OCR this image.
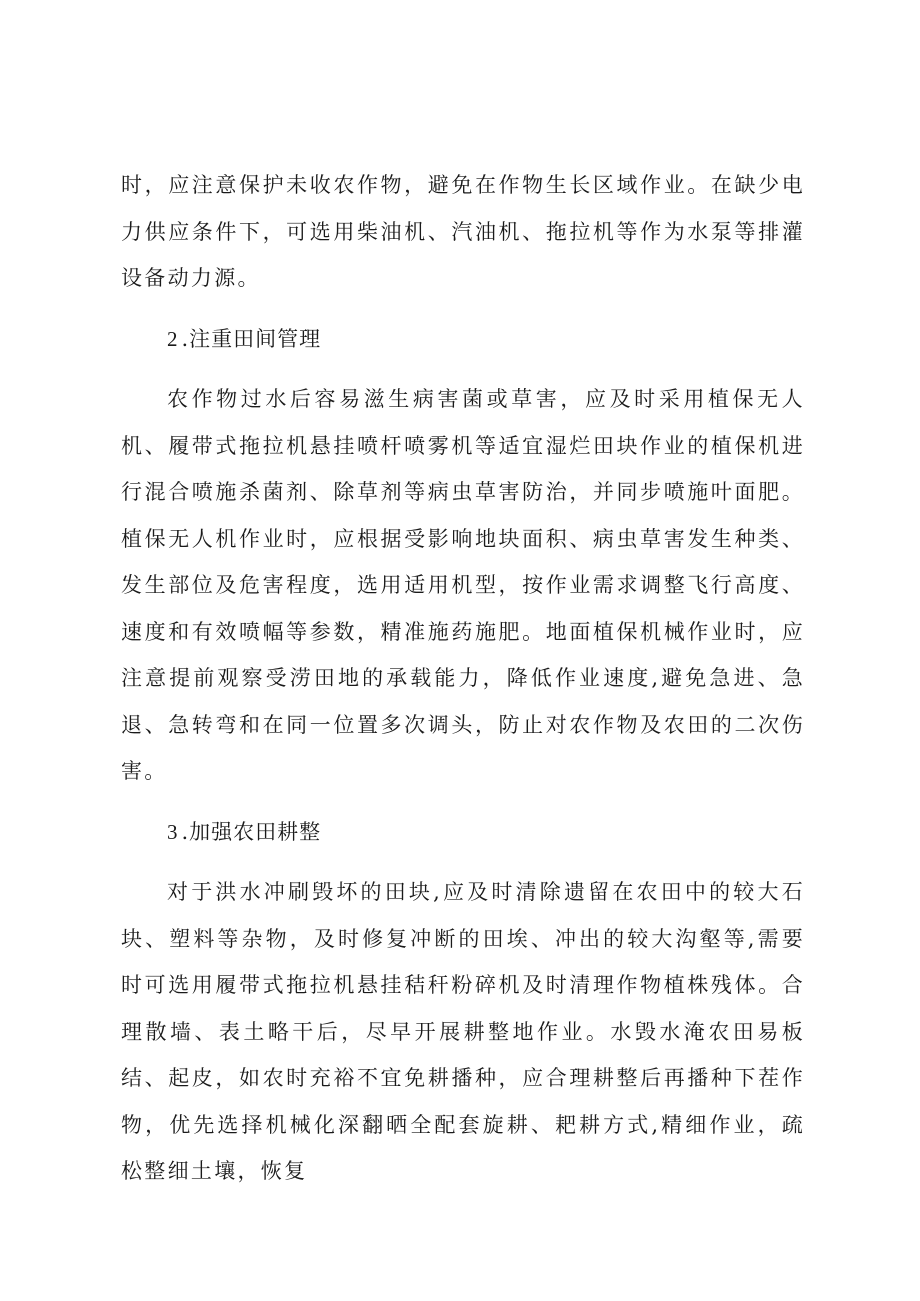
时，应注意保护未收农作物，避免在作物生长区域作业。在缺少电力供应条件下，可选用柴油机、汽油机、拖拉机等作为水泵等排灌设备动力源。

2 .注重田间管理

农作物过水后容易滋生病害菌或草害，应及时采用植保无人机、履带式拖拉机悬挂喷杆喷雾机等适宜湿烂田块作业的植保机进行混合喷施杀菌剂、除草剂等病虫草害防治，并同步喷施叶面肥。植保无人机作业时，应根据受影响地块面积、病虫草害发生种类、发生部位及危害程度，选用适用机型，按作业需求调整飞行高度、速度和有效喷幅等参数，精准施药施肥。地面植保机械作业时，应注意提前观察受涝田地的承载能力，降低作业速度,避免急进、急退、急转弯和在同一位置多次调头，防止对农作物及农田的二次伤害。

3 .加强农田耕整

对于洪水冲刷毁坏的田块,应及时清除遗留在农田中的较大石块、塑料等杂物，及时修复冲断的田埃、冲出的较大沟壑等,需要时可选用履带式拖拉机悬挂秸秆粉碎机及时清理作物植株残体。合理散墙、表土略干后，尽早开展耕整地作业。水毁水淹农田易板结、起皮，如农时充裕不宜免耕播种，应合理耕整后再播种下茬作物，优先选择机械化深翻晒全配套旋耕、耙耕方式,精细作业，疏松整细土壤，恢复
